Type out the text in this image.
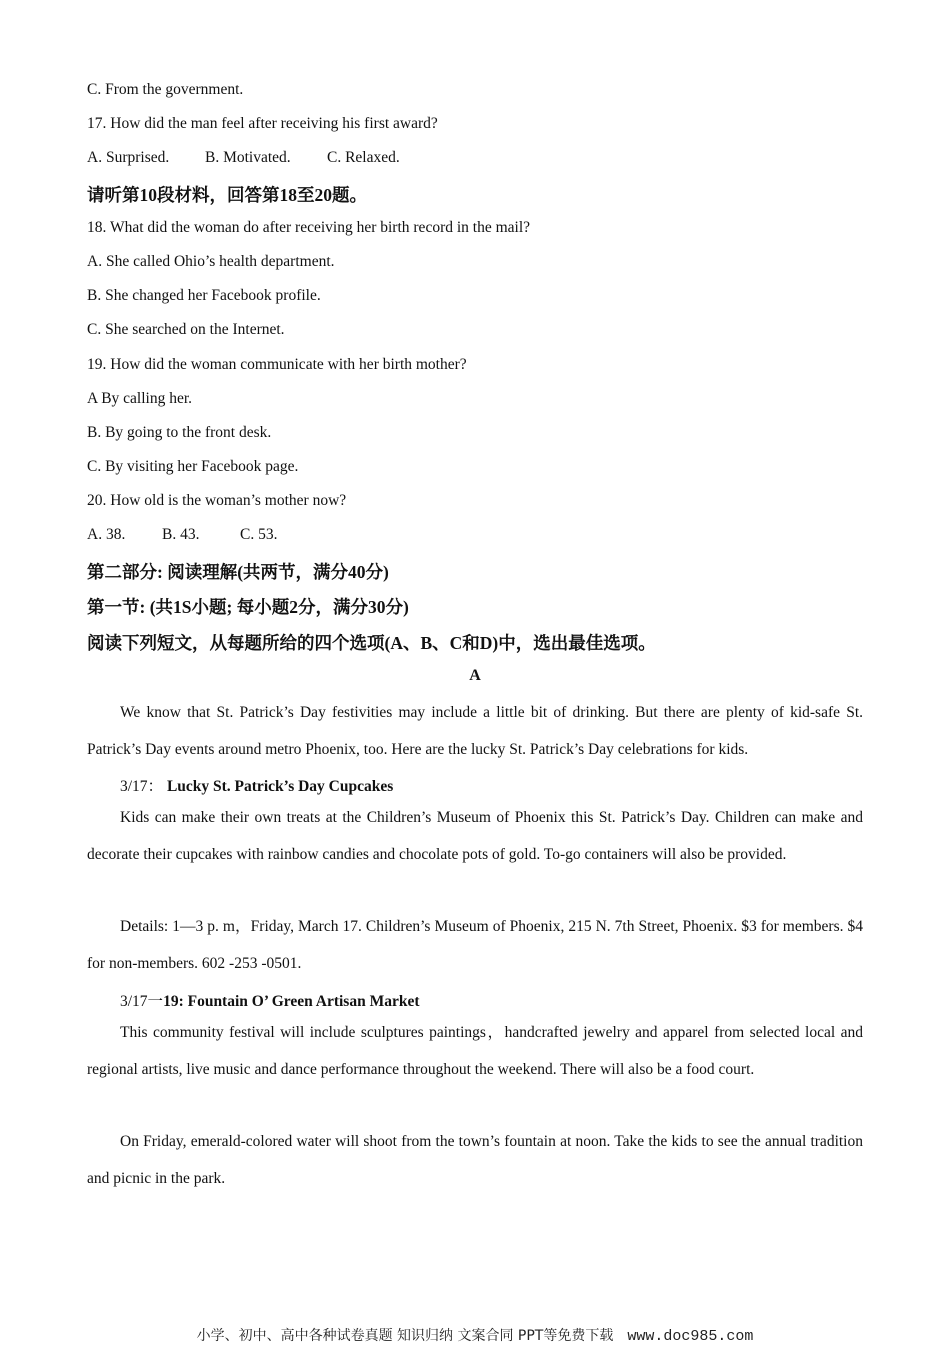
C. From the government.
17. How did the man feel after receiving his first award?
A. Surprised. B. Motivated. C. Relaxed.
请听第10段材料，回答第18至20题。
18. What did the woman do after receiving her birth record in the mail?
A. She called Ohio’s health department.
B. She changed her Facebook profile.
C. She searched on the Internet.
19. How did the woman communicate with her birth mother?
A By calling her.
B. By going to the front desk.
C. By visiting her Facebook page.
20. How old is the woman’s mother now?
A. 38. B. 43.	C. 53.
第二部分: 阅读理解(共两节，满分40分)
第一节: (共1S小题; 每小题2分，满分30分)
阅读下列短文，从每题所给的四个选项(A、B、C和D)中，选出最佳选项。
A
We know that St. Patrick’s Day festivities may include a little bit of drinking. But there are plenty of kid-safe St. Patrick’s Day events around metro Phoenix, too. Here are the lucky St. Patrick’s Day celebrations for kids.
3/17： Lucky St. Patrick’s Day Cupcakes
Kids can make their own treats at the Children’s Museum of Phoenix this St. Patrick’s Day. Children can make and decorate their cupcakes with rainbow candies and chocolate pots of gold. To-go containers will also be provided.
Details: 1—3 p. m，Friday, March 17. Children’s Museum of Phoenix, 215 N. 7th Street, Phoenix. $3 for members. $4 for non-members. 602 -253 -0501.
3/17一19: Fountain O’ Green Artisan Market
This community festival will include sculptures paintings，handcrafted jewelry and apparel from selected local and regional artists, live music and dance performance throughout the weekend. There will also be a food court.
On Friday, emerald-colored water will shoot from the town’s fountain at noon. Take the kids to see the annual tradition and picnic in the park.
小学、初中、高中各种试卷真题 知识归纳 文案合同 PPT等免费下载 www.doc985.com
